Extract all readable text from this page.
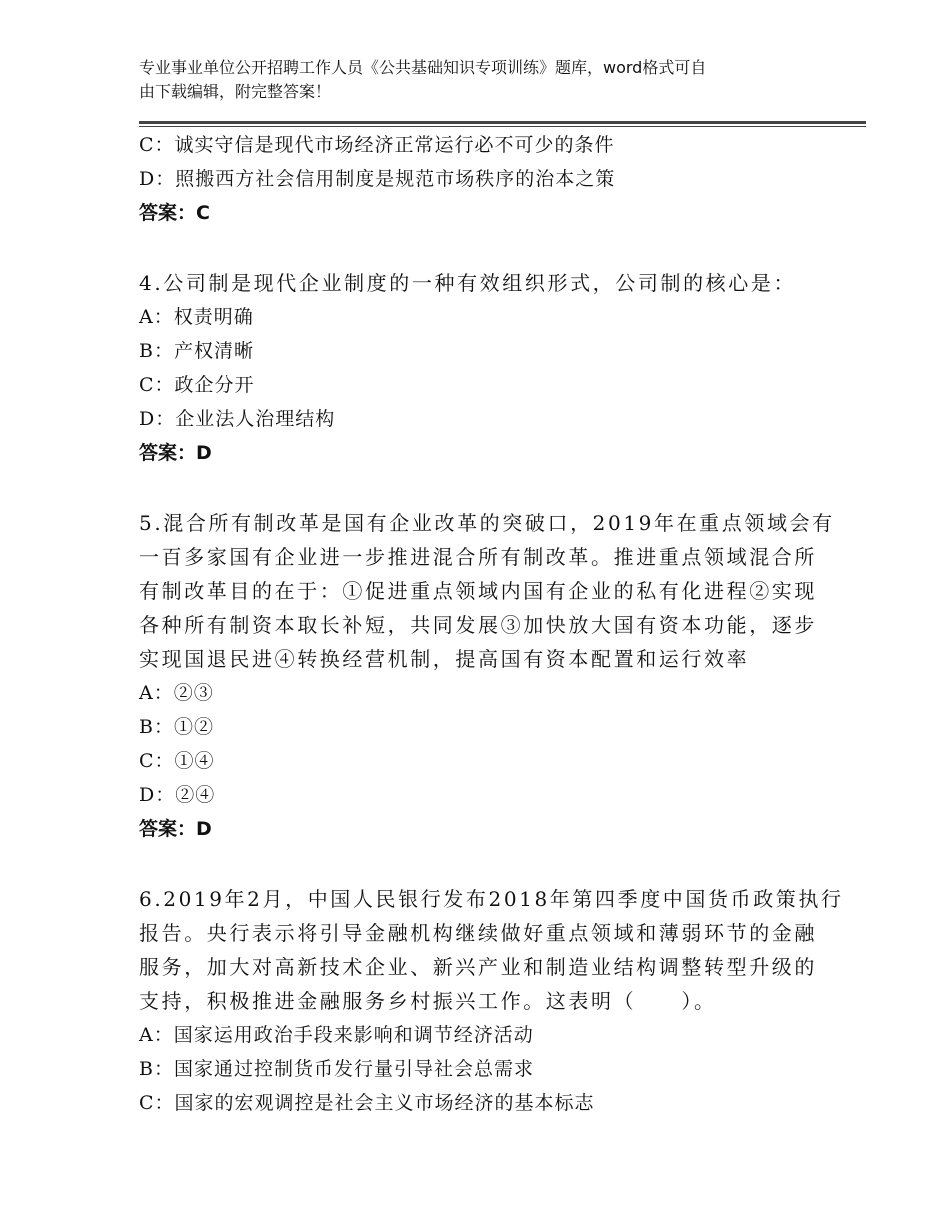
专业事业单位公开招聘工作人员《公共基础知识专项训练》题库，word格式可自
由下载编辑，附完整答案！
C：诚实守信是现代市场经济正常运行必不可少的条件
D：照搬西方社会信用制度是规范市场秩序的治本之策
答案：C
4.公司制是现代企业制度的一种有效组织形式，公司制的核心是：
A：权责明确
B：产权清晰
C：政企分开
D：企业法人治理结构
答案：D
5.混合所有制改革是国有企业改革的突破口，2019年在重点领域会有
一百多家国有企业进一步推进混合所有制改革。推进重点领域混合所
有制改革目的在于：①促进重点领域内国有企业的私有化进程②实现
各种所有制资本取长补短，共同发展③加快放大国有资本功能，逐步
实现国退民进④转换经营机制，提高国有资本配置和运行效率
A：②③
B：①②
C：①④
D：②④
答案：D
6.2019年2月，中国人民银行发布2018年第四季度中国货币政策执行
报告。央行表示将引导金融机构继续做好重点领域和薄弱环节的金融
服务，加大对高新技术企业、新兴产业和制造业结构调整转型升级的
支持，积极推进金融服务乡村振兴工作。这表明（　　）。
A：国家运用政治手段来影响和调节经济活动
B：国家通过控制货币发行量引导社会总需求
C：国家的宏观调控是社会主义市场经济的基本标志
